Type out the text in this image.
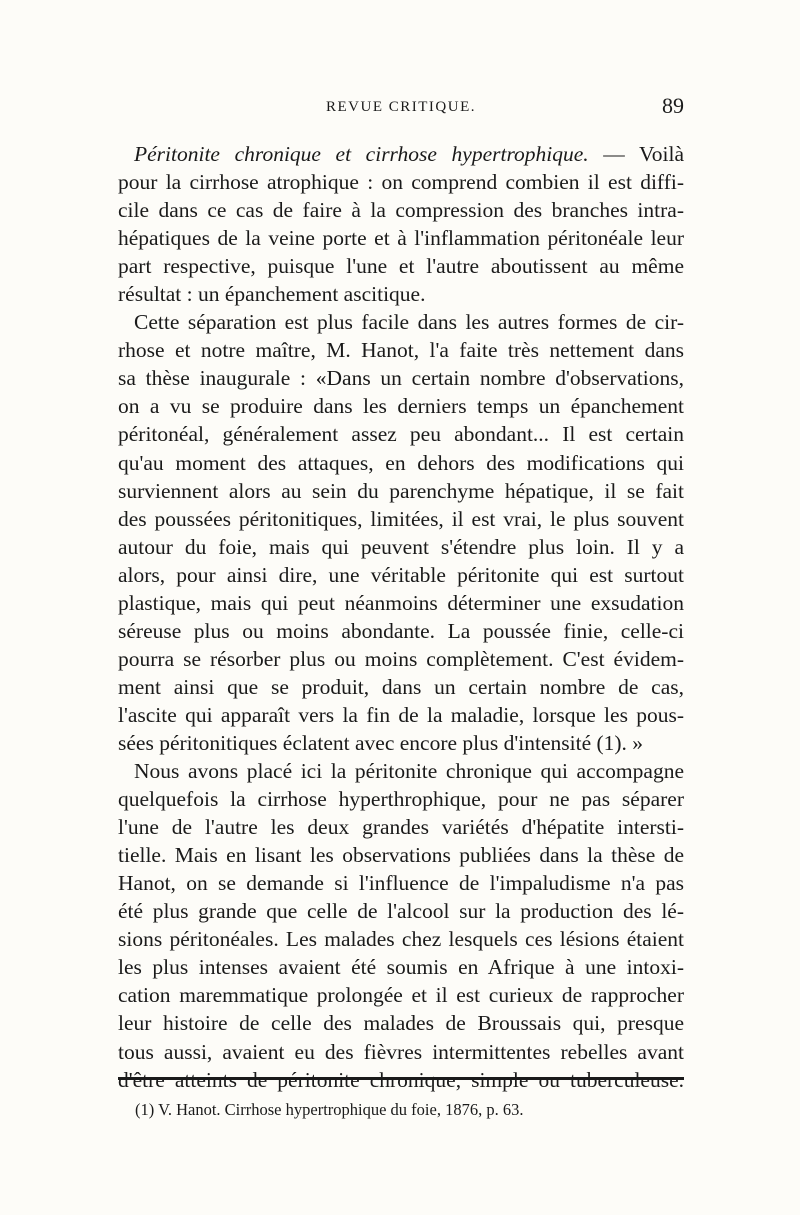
REVUE CRITIQUE.	89
Péritonite chronique et cirrhose hypertrophique. — Voilà
pour la cirrhose atrophique : on comprend combien il est diffi-
cile dans ce cas de faire à la compression des branches intra-
hépatiques de la veine porte et à l'inflammation péritonéale leur
part respective, puisque l'une et l'autre aboutissent au même
résultat : un épanchement ascitique.
Cette séparation est plus facile dans les autres formes de cir-
rhose et notre maître, M. Hanot, l'a faite très nettement dans
sa thèse inaugurale : «Dans un certain nombre d'observations,
on a vu se produire dans les derniers temps un épanchement
péritonéal, généralement assez peu abondant... Il est certain
qu'au moment des attaques, en dehors des modifications qui
surviennent alors au sein du parenchyme hépatique, il se fait
des poussées péritonitiques, limitées, il est vrai, le plus souvent
autour du foie, mais qui peuvent s'étendre plus loin. Il y a
alors, pour ainsi dire, une véritable péritonite qui est surtout
plastique, mais qui peut néanmoins déterminer une exsudation
séreuse plus ou moins abondante. La poussée finie, celle-ci
pourra se résorber plus ou moins complètement. C'est évidem-
ment ainsi que se produit, dans un certain nombre de cas,
l'ascite qui apparaît vers la fin de la maladie, lorsque les pous-
sées péritonitiques éclatent avec encore plus d'intensité (1). »
Nous avons placé ici la péritonite chronique qui accompagne
quelquefois la cirrhose hyperthrophique, pour ne pas séparer
l'une de l'autre les deux grandes variétés d'hépatite intersti-
tielle. Mais en lisant les observations publiées dans la thèse de
Hanot, on se demande si l'influence de l'impaludisme n'a pas
été plus grande que celle de l'alcool sur la production des lé-
sions péritonéales. Les malades chez lesquels ces lésions étaient
les plus intenses avaient été soumis en Afrique à une intoxi-
cation maremmatique prolongée et il est curieux de rapprocher
leur histoire de celle des malades de Broussais qui, presque
tous aussi, avaient eu des fièvres intermittentes rebelles avant
(1) V. Hanot. Cirrhose hypertrophique du foie, 1876, p. 63.
